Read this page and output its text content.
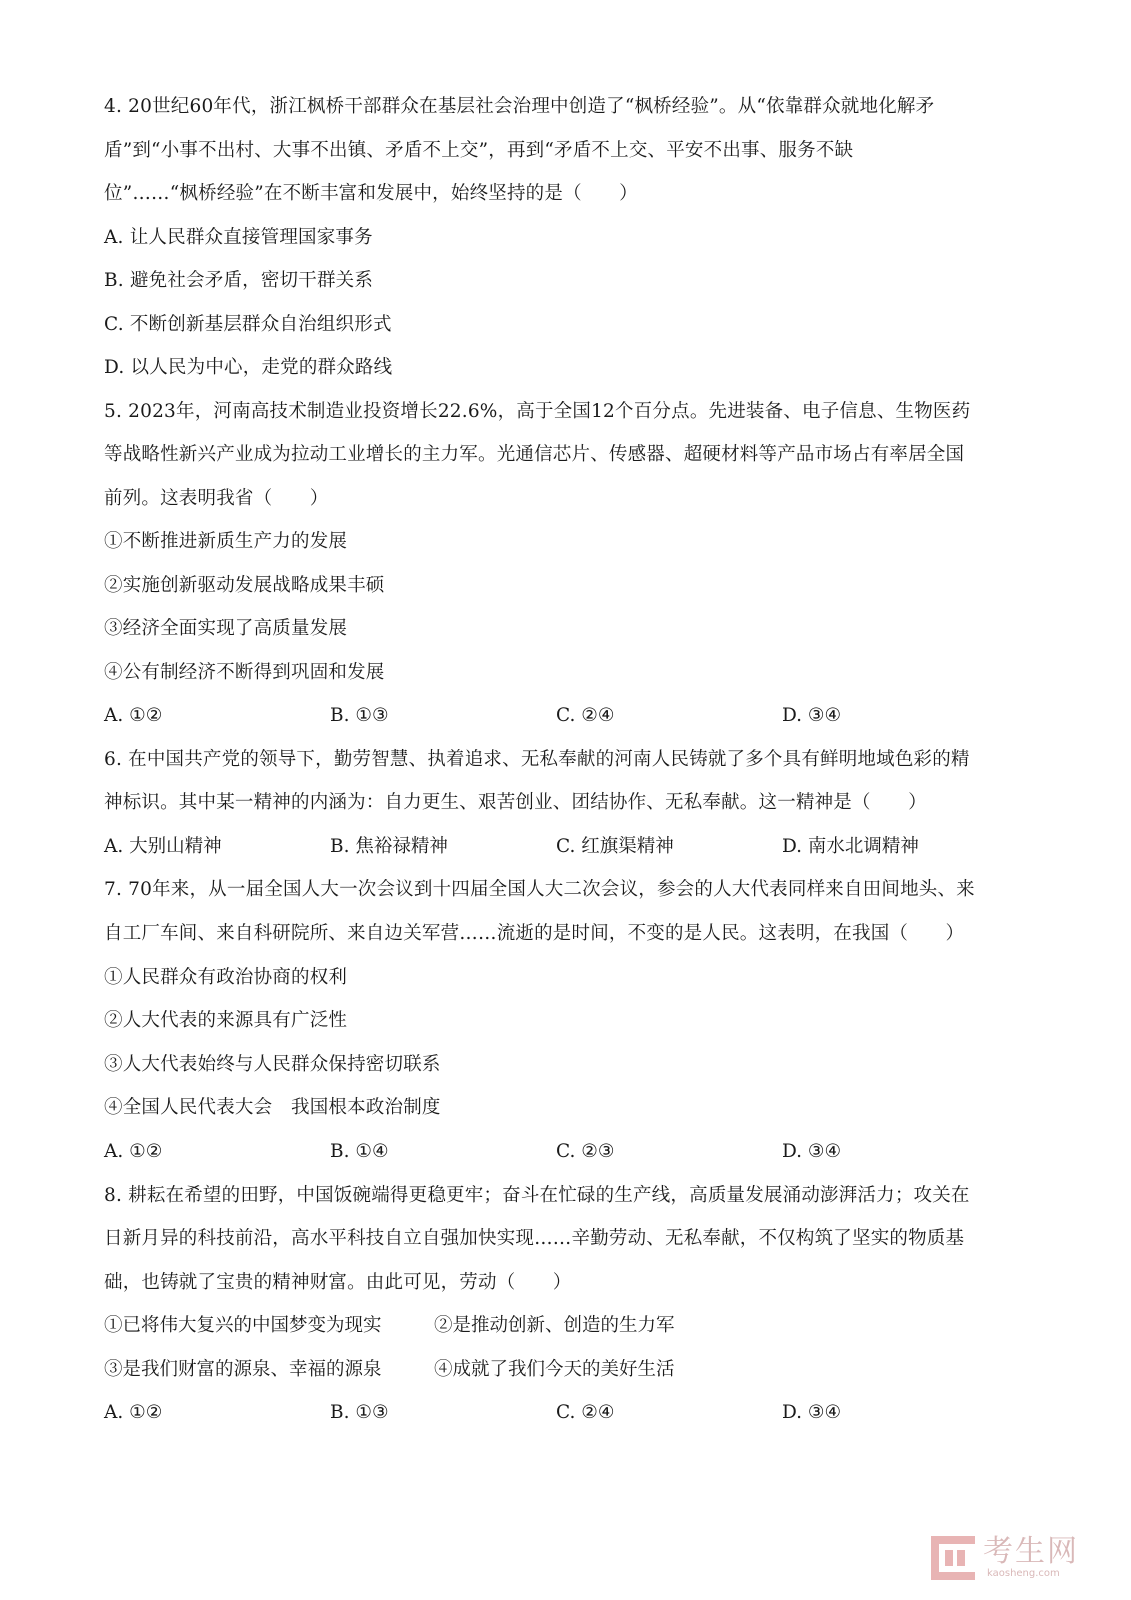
4. 20世纪60年代，浙江枫桥干部群众在基层社会治理中创造了“枫桥经验”。从“依靠群众就地化解矛
盾”到“小事不出村、大事不出镇、矛盾不上交”，再到“矛盾不上交、平安不出事、服务不缺
位”……“枫桥经验”在不断丰富和发展中，始终坚持的是（　　）
A. 让人民群众直接管理国家事务
B. 避免社会矛盾，密切干群关系
C. 不断创新基层群众自治组织形式
D. 以人民为中心，走党的群众路线
5. 2023年，河南高技术制造业投资增长22.6%，高于全国12个百分点。先进装备、电子信息、生物医药
等战略性新兴产业成为拉动工业增长的主力军。光通信芯片、传感器、超硬材料等产品市场占有率居全国
前列。这表明我省（　　）
①不断推进新质生产力的发展
②实施创新驱动发展战略成果丰硕
③经济全面实现了高质量发展
④公有制经济不断得到巩固和发展
A. ①②	B. ①③	C. ②④	D. ③④
6. 在中国共产党的领导下，勤劳智慧、执着追求、无私奉献的河南人民铸就了多个具有鲜明地域色彩的精
神标识。其中某一精神的内涵为：自力更生、艰苦创业、团结协作、无私奉献。这一精神是（　　）
A. 大别山精神	B. 焦裕禄精神	C. 红旗渠精神	D. 南水北调精神
7. 70年来，从一届全国人大一次会议到十四届全国人大二次会议，参会的人大代表同样来自田间地头、来
自工厂车间、来自科研院所、来自边关军营……流逝的是时间，不变的是人民。这表明，在我国（　　）
①人民群众有政治协商的权利
②人大代表的来源具有广泛性
③人大代表始终与人民群众保持密切联系
④全国人民代表大会　我国根本政治制度
A. ①②	B. ①④	C. ②③	D. ③④
8. 耕耘在希望的田野，中国饭碗端得更稳更牢；奋斗在忙碌的生产线，高质量发展涌动澎湃活力；攻关在
日新月异的科技前沿，高水平科技自立自强加快实现……辛勤劳动、无私奉献，不仅构筑了坚实的物质基
础，也铸就了宝贵的精神财富。由此可见，劳动（　　）
①已将伟大复兴的中国梦变为现实	②是推动创新、创造的生力军
③是我们财富的源泉、幸福的源泉	④成就了我们今天的美好生活
A. ①②	B. ①③	C. ②④	D. ③④
考生网
kaosheng.com
